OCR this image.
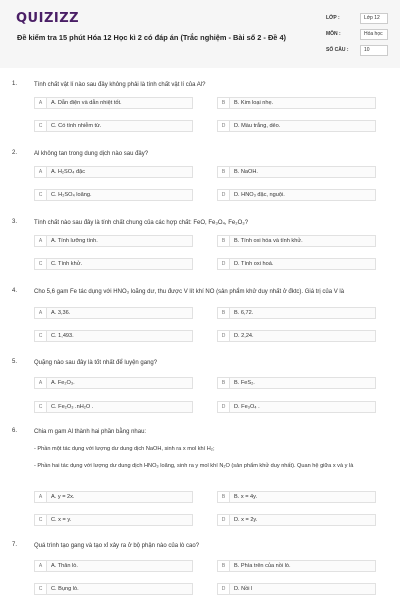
QUIZIZZ
Đề kiểm tra 15 phút Hóa 12 Học kì 2 có đáp án (Trắc nghiệm - Bài số 2 - Đề 4)
LỚP :	Lớp 12
MÔN :	Hóa học
SỐ CÂU :	10
1.	Tính chất vật lí nào sau đây không phải là tính chất vật lí của Al?
A	A. Dẫn điện và dẫn nhiệt tốt.	B	B. Kim loại nhẹ.
C	C. Có tính nhiễm từ.	D	D. Màu trắng, dẻo.
2.	Al không tan trong dung dịch nào sau đây?
A	A. H₂SO₄ đặc	B	B. NaOH.
C	C. H₂SO₄ loãng.	D	D. HNO₃ đặc, nguội.
3.	Tính chất nào sau đây là tính chất chung của các hợp chất: FeO, Fe₃O₄, Fe₂O₃?
A	A. Tính lưỡng tính.	B	B. Tính oxi hóa và tính khử.
C	C. Tính khử.	D	D. Tính oxi hoá.
4.	Cho 5,6 gam Fe tác dụng với HNO₃ loãng dư, thu được V lít khí NO (sản phẩm khử duy nhất ở đktc). Giá trị của V là
A	A. 3,36.	B	B. 6,72.
C	C. 1,493.	D	D. 2,24.
5.	Quặng nào sau đây là tốt nhất để luyện gang?
A	A. Fe₂O₃.	B	B. FeS₂.
C	C. Fe₂O₃ .nH₂O .	D	D. Fe₃O₄ .
6.	Chia m gam Al thành hai phần bằng nhau:
- Phần một tác dụng với lượng dư dung dịch NaOH, sinh ra x mol khí H₂;
- Phần hai tác dụng với lượng dư dung dịch HNO₃ loãng, sinh ra y mol khí N₂O (sản phẩm khử duy nhất). Quan hệ giữa x và y là
A	A. y = 2x.	B	B. x = 4y.
C	C. x = y.	D	D. x = 2y.
7.	Quá trình tạo gang và tạo xỉ xảy ra ở bộ phận nào của lò cao?
A	A. Thân lò.	B	B. Phía trên của nồi lò.
C	C. Bụng lò.	D	D. Nồi l
